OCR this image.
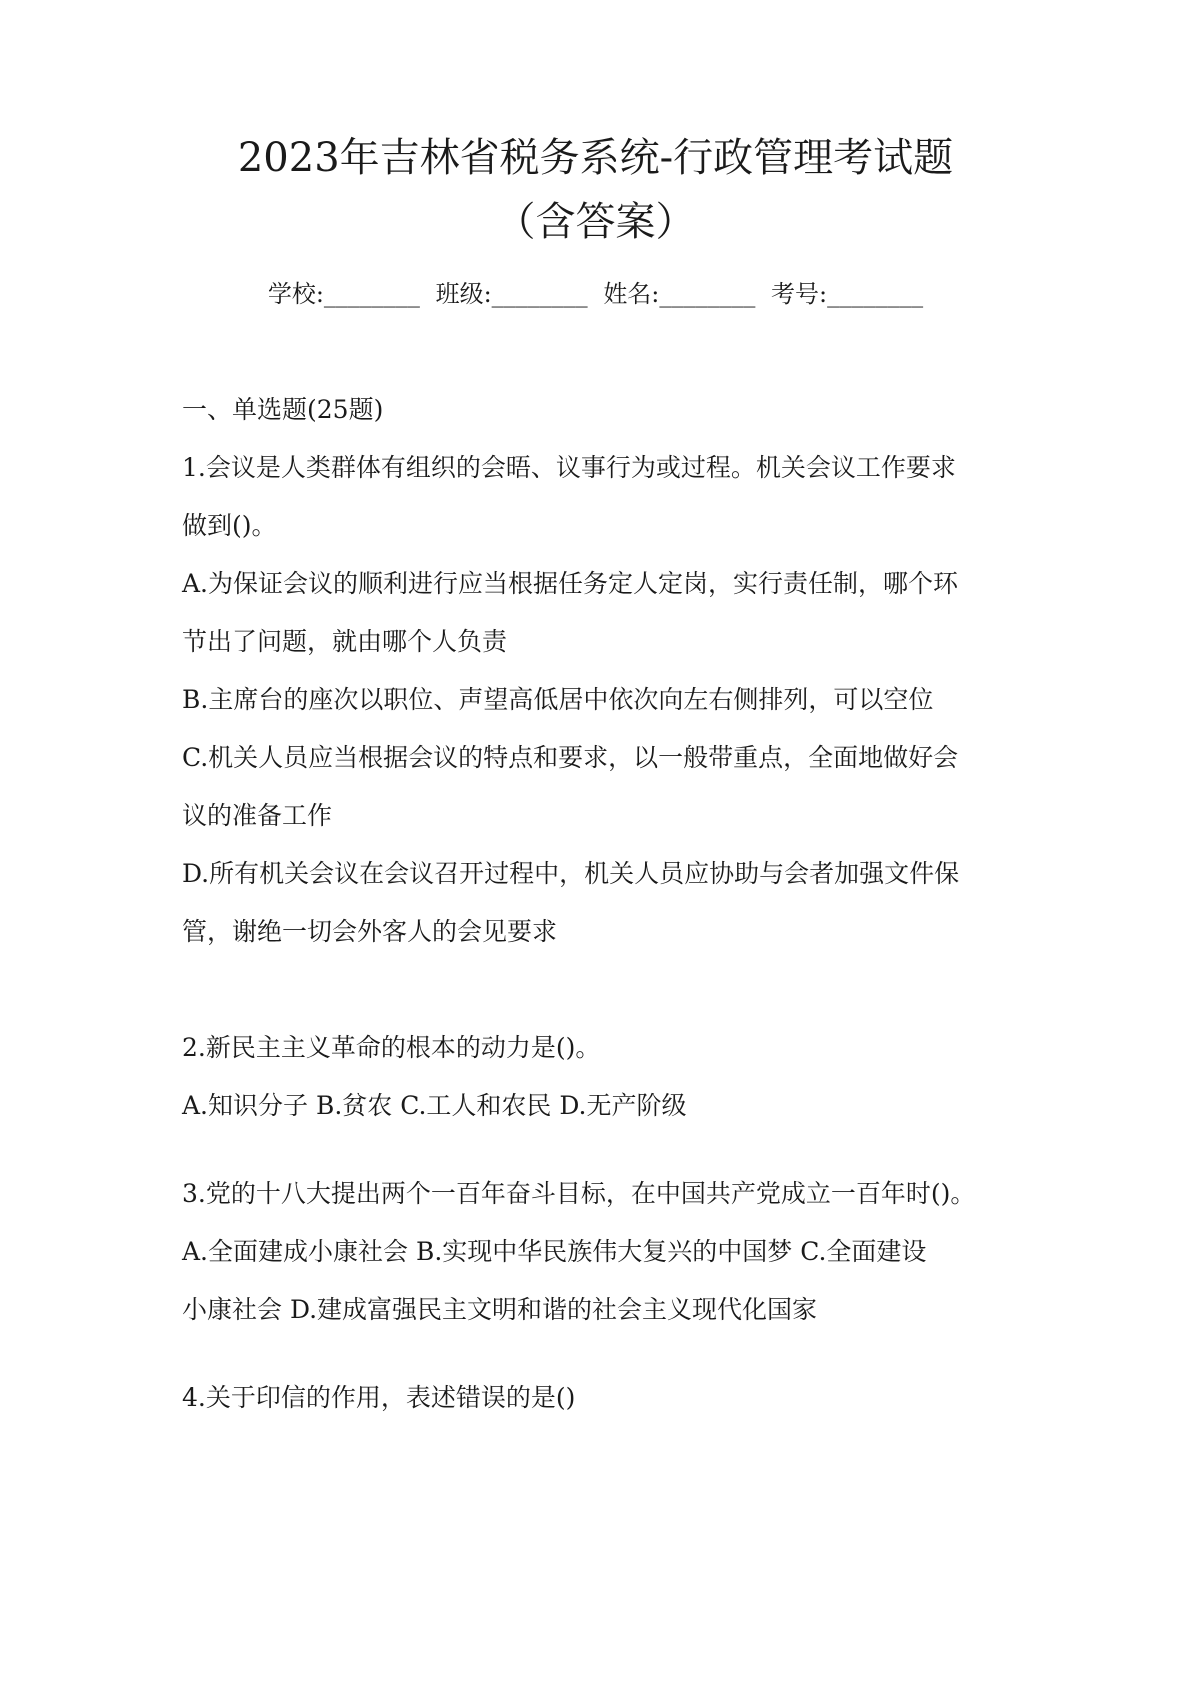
2023年吉林省税务系统-行政管理考试题
（含答案）
学校:________ 班级:________ 姓名:________ 考号:________
一、单选题(25题)
1.会议是人类群体有组织的会晤、议事行为或过程。机关会议工作要求
做到()。
A.为保证会议的顺利进行应当根据任务定人定岗，实行责任制，哪个环
节出了问题，就由哪个人负责
B.主席台的座次以职位、声望高低居中依次向左右侧排列，可以空位
C.机关人员应当根据会议的特点和要求，以一般带重点，全面地做好会
议的准备工作
D.所有机关会议在会议召开过程中，机关人员应协助与会者加强文件保
管，谢绝一切会外客人的会见要求
2.新民主主义革命的根本的动力是()。
A.知识分子 B.贫农 C.工人和农民 D.无产阶级
3.党的十八大提出两个一百年奋斗目标，在中国共产党成立一百年时()。
A.全面建成小康社会 B.实现中华民族伟大复兴的中国梦 C.全面建设
小康社会 D.建成富强民主文明和谐的社会主义现代化国家
4.关于印信的作用，表述错误的是()
